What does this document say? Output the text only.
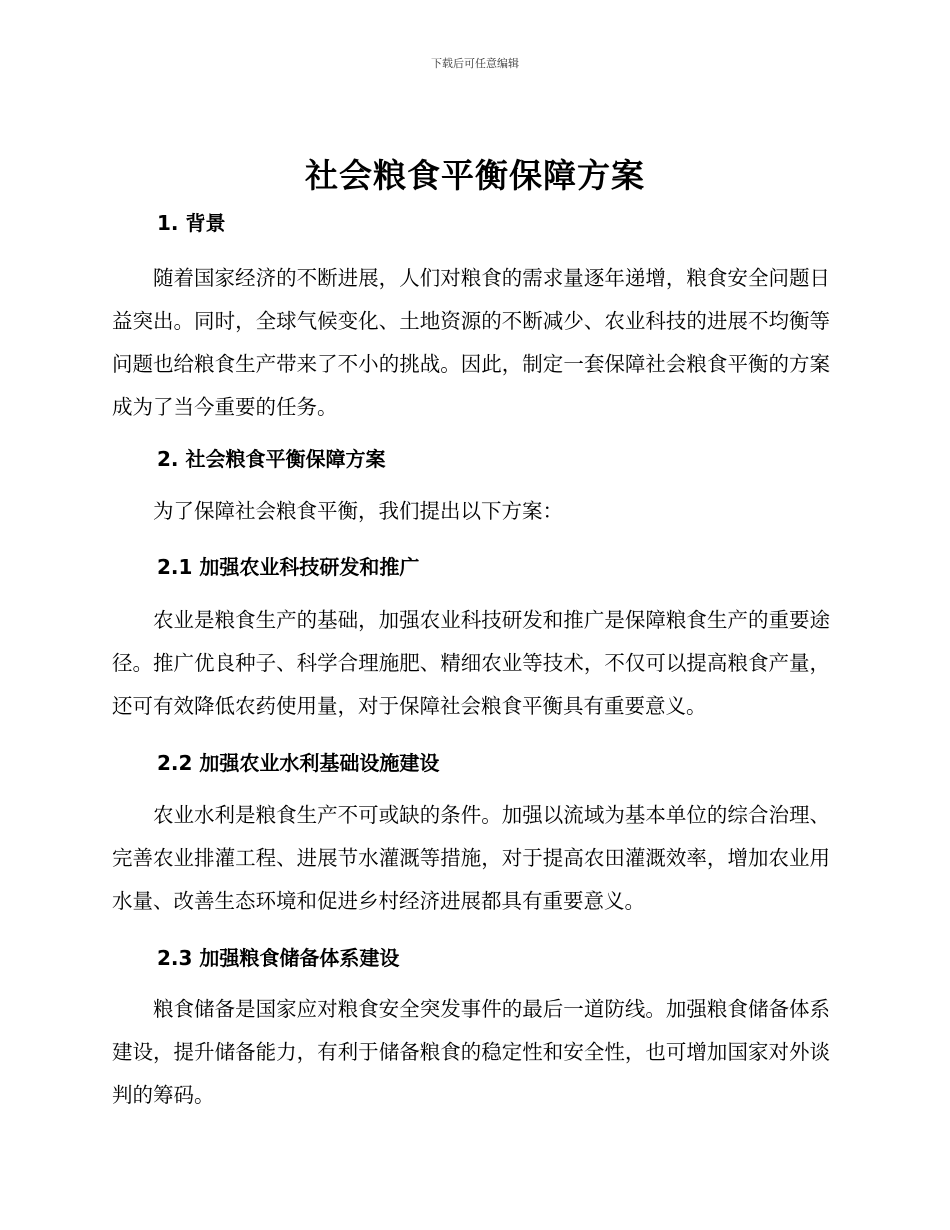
下载后可任意编辑
社会粮食平衡保障方案
1. 背景
随着国家经济的不断进展，人们对粮食的需求量逐年递增，粮食安全问题日益突出。同时，全球气候变化、土地资源的不断减少、农业科技的进展不均衡等问题也给粮食生产带来了不小的挑战。因此，制定一套保障社会粮食平衡的方案成为了当今重要的任务。
2. 社会粮食平衡保障方案
为了保障社会粮食平衡，我们提出以下方案：
2.1 加强农业科技研发和推广
农业是粮食生产的基础，加强农业科技研发和推广是保障粮食生产的重要途径。推广优良种子、科学合理施肥、精细农业等技术，不仅可以提高粮食产量，还可有效降低农药使用量，对于保障社会粮食平衡具有重要意义。
2.2 加强农业水利基础设施建设
农业水利是粮食生产不可或缺的条件。加强以流域为基本单位的综合治理、完善农业排灌工程、进展节水灌溉等措施，对于提高农田灌溉效率，增加农业用水量、改善生态环境和促进乡村经济进展都具有重要意义。
2.3 加强粮食储备体系建设
粮食储备是国家应对粮食安全突发事件的最后一道防线。加强粮食储备体系建设，提升储备能力，有利于储备粮食的稳定性和安全性，也可增加国家对外谈判的筹码。
